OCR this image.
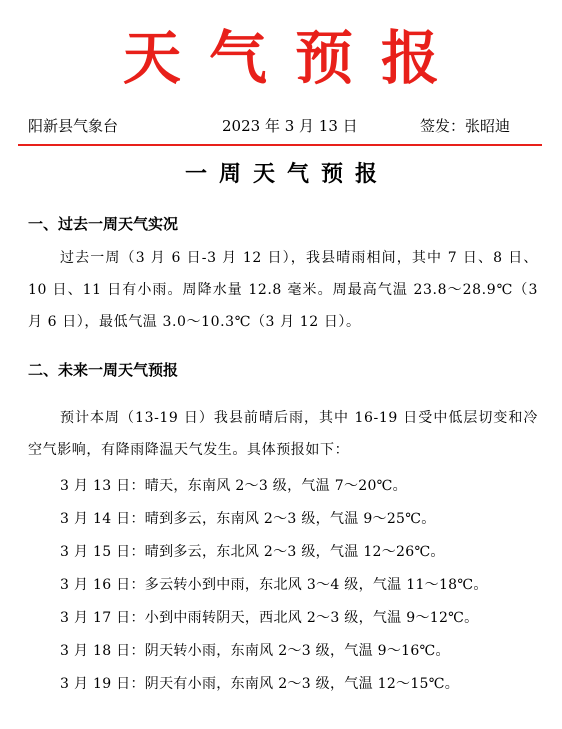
天气预报
阳新县气象台	2023 年 3 月 13 日	签发：张昭迪
一周天气预报
一、过去一周天气实况

过去一周（3 月 6 日-3 月 12 日），我县晴雨相间，其中 7 日、8 日、10 日、11 日有小雨。周降水量 12.8 毫米。周最高气温 23.8～28.9℃（3 月 6 日），最低气温 3.0～10.3℃（3 月 12 日）。

二、未来一周天气预报

预计本周（13-19 日）我县前晴后雨，其中 16-19 日受中低层切变和冷空气影响，有降雨降温天气发生。具体预报如下：

3 月 13 日：晴天，东南风 2～3 级，气温 7～20℃。
3 月 14 日：晴到多云，东南风 2～3 级，气温 9～25℃。
3 月 15 日：晴到多云，东北风 2～3 级，气温 12～26℃。
3 月 16 日：多云转小到中雨，东北风 3～4 级，气温 11～18℃。
3 月 17 日：小到中雨转阴天，西北风 2～3 级，气温 9～12℃。
3 月 18 日：阴天转小雨，东南风 2～3 级，气温 9～16℃。
3 月 19 日：阴天有小雨，东南风 2～3 级，气温 12～15℃。
